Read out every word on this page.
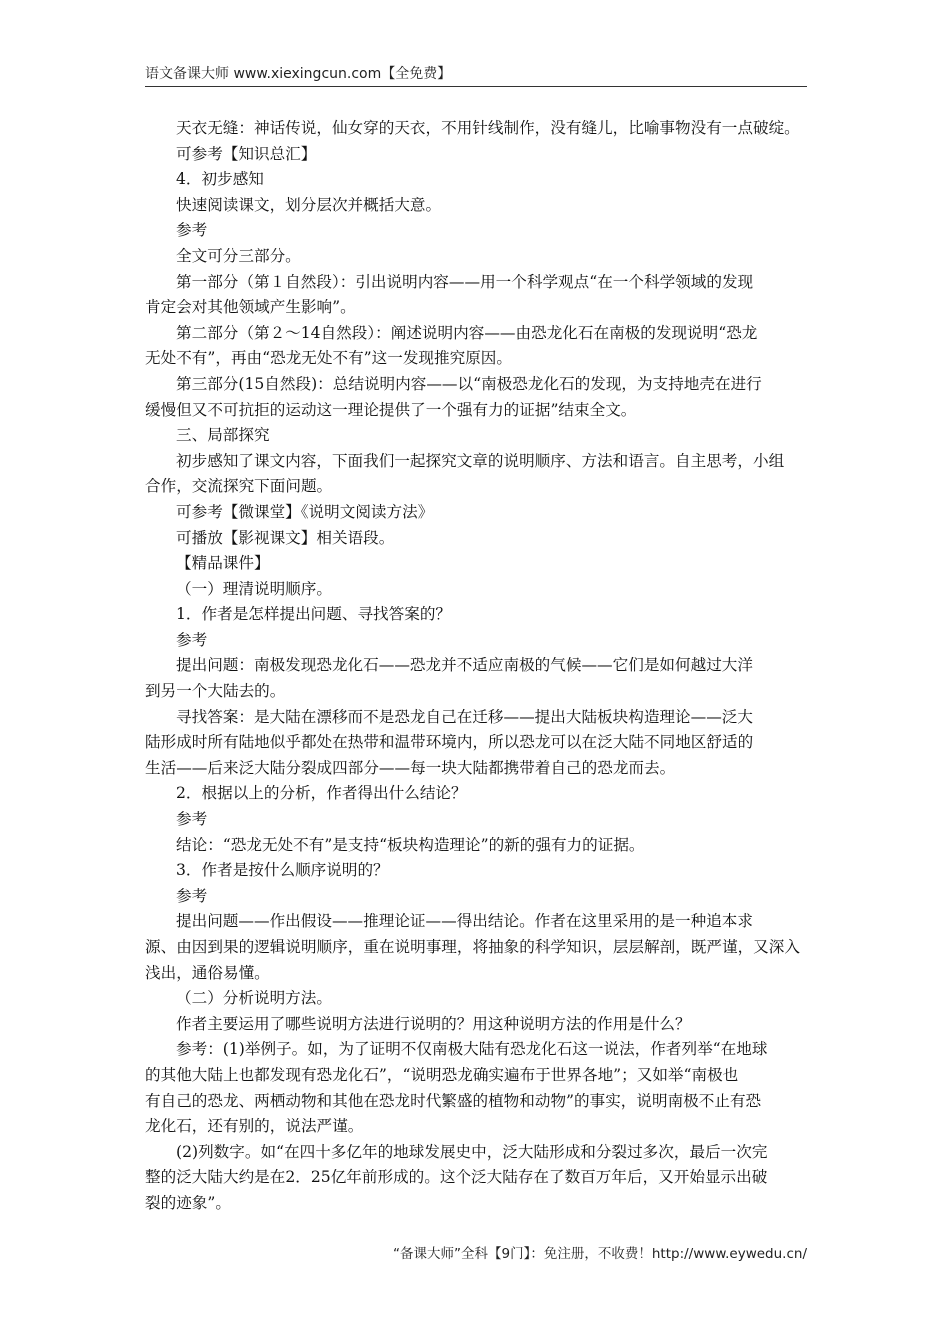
语文备课大师 www.xiexingcun.com【全免费】

天衣无缝：神话传说，仙女穿的天衣，不用针线制作，没有缝儿，比喻事物没有一点破绽。

可参考【知识总汇】

4．初步感知

快速阅读课文，划分层次并概括大意。

参考

全文可分三部分。

第一部分（第１自然段）：引出说明内容——用一个科学观点“在一个科学领域的发现

肯定会对其他领域产生影响”。

第二部分（第２～14自然段）：阐述说明内容——由恐龙化石在南极的发现说明“恐龙

无处不有”，再由“恐龙无处不有”这一发现推究原因。

第三部分(15自然段)：总结说明内容——以“南极恐龙化石的发现，为支持地壳在进行

缓慢但又不可抗拒的运动这一理论提供了一个强有力的证据”结束全文。

三、局部探究

初步感知了课文内容，下面我们一起探究文章的说明顺序、方法和语言。自主思考，小组

合作，交流探究下面问题。

可参考【微课堂】《说明文阅读方法》

可播放【影视课文】相关语段。

【精品课件】

（一）理清说明顺序。

1．作者是怎样提出问题、寻找答案的？

参考

提出问题：南极发现恐龙化石——恐龙并不适应南极的气候——它们是如何越过大洋

到另一个大陆去的。

寻找答案：是大陆在漂移而不是恐龙自己在迁移——提出大陆板块构造理论——泛大

陆形成时所有陆地似乎都处在热带和温带环境内，所以恐龙可以在泛大陆不同地区舒适的

生活——后来泛大陆分裂成四部分——每一块大陆都携带着自己的恐龙而去。

2．根据以上的分析，作者得出什么结论？

参考

结论：“恐龙无处不有”是支持“板块构造理论”的新的强有力的证据。

3．作者是按什么顺序说明的？

参考

提出问题——作出假设——推理论证——得出结论。作者在这里采用的是一种追本求

源、由因到果的逻辑说明顺序，重在说明事理，将抽象的科学知识，层层解剖，既严谨，又深入

浅出，通俗易懂。

（二）分析说明方法。

作者主要运用了哪些说明方法进行说明的？用这种说明方法的作用是什么？

参考：(1)举例子。如，为了证明不仅南极大陆有恐龙化石这一说法，作者列举“在地球

的其他大陆上也都发现有恐龙化石”，“说明恐龙确实遍布于世界各地”；又如举“南极也

有自己的恐龙、两栖动物和其他在恐龙时代繁盛的植物和动物”的事实，说明南极不止有恐

龙化石，还有别的，说法严谨。

(2)列数字。如“在四十多亿年的地球发展史中，泛大陆形成和分裂过多次，最后一次完

整的泛大陆大约是在2．25亿年前形成的。这个泛大陆存在了数百万年后，又开始显示出破

裂的迹象”。

“备课大师”全科【9门】：免注册，不收费！http://www.eywedu.cn/
